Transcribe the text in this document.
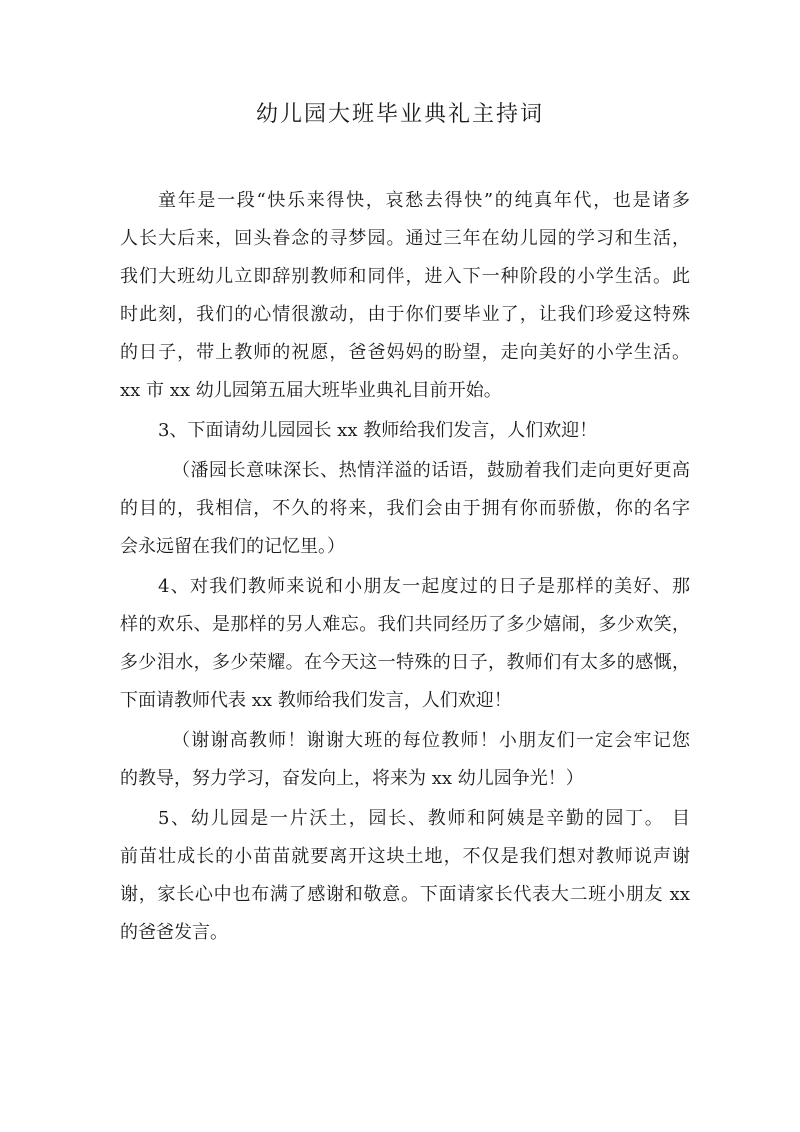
幼儿园大班毕业典礼主持词
童年是一段“快乐来得快，哀愁去得快”的纯真年代，也是诸多
人长大后来，回头眷念的寻梦园。通过三年在幼儿园的学习和生活，
我们大班幼儿立即辞别教师和同伴，进入下一种阶段的小学生活。此
时此刻，我们的心情很激动，由于你们要毕业了，让我们珍爱这特殊
的日子，带上教师的祝愿，爸爸妈妈的盼望，走向美好的小学生活。
xx 市 xx 幼儿园第五届大班毕业典礼目前开始。
3、下面请幼儿园园长 xx 教师给我们发言，人们欢迎！
（潘园长意味深长、热情洋溢的话语，鼓励着我们走向更好更高
的目的，我相信，不久的将来，我们会由于拥有你而骄傲，你的名字
会永远留在我们的记忆里。）
4、对我们教师来说和小朋友一起度过的日子是那样的美好、那
样的欢乐、是那样的另人难忘。我们共同经历了多少嬉闹，多少欢笑，
多少泪水，多少荣耀。在今天这一特殊的日子，教师们有太多的感慨，
下面请教师代表 xx 教师给我们发言，人们欢迎！
（谢谢高教师！谢谢大班的每位教师！小朋友们一定会牢记您
的教导，努力学习，奋发向上，将来为 xx 幼儿园争光！）
5、幼儿园是一片沃土，园长、教师和阿姨是辛勤的园丁。 目
前苗壮成长的小苗苗就要离开这块土地，不仅是我们想对教师说声谢
谢，家长心中也布满了感谢和敬意。下面请家长代表大二班小朋友 xx
的爸爸发言。
